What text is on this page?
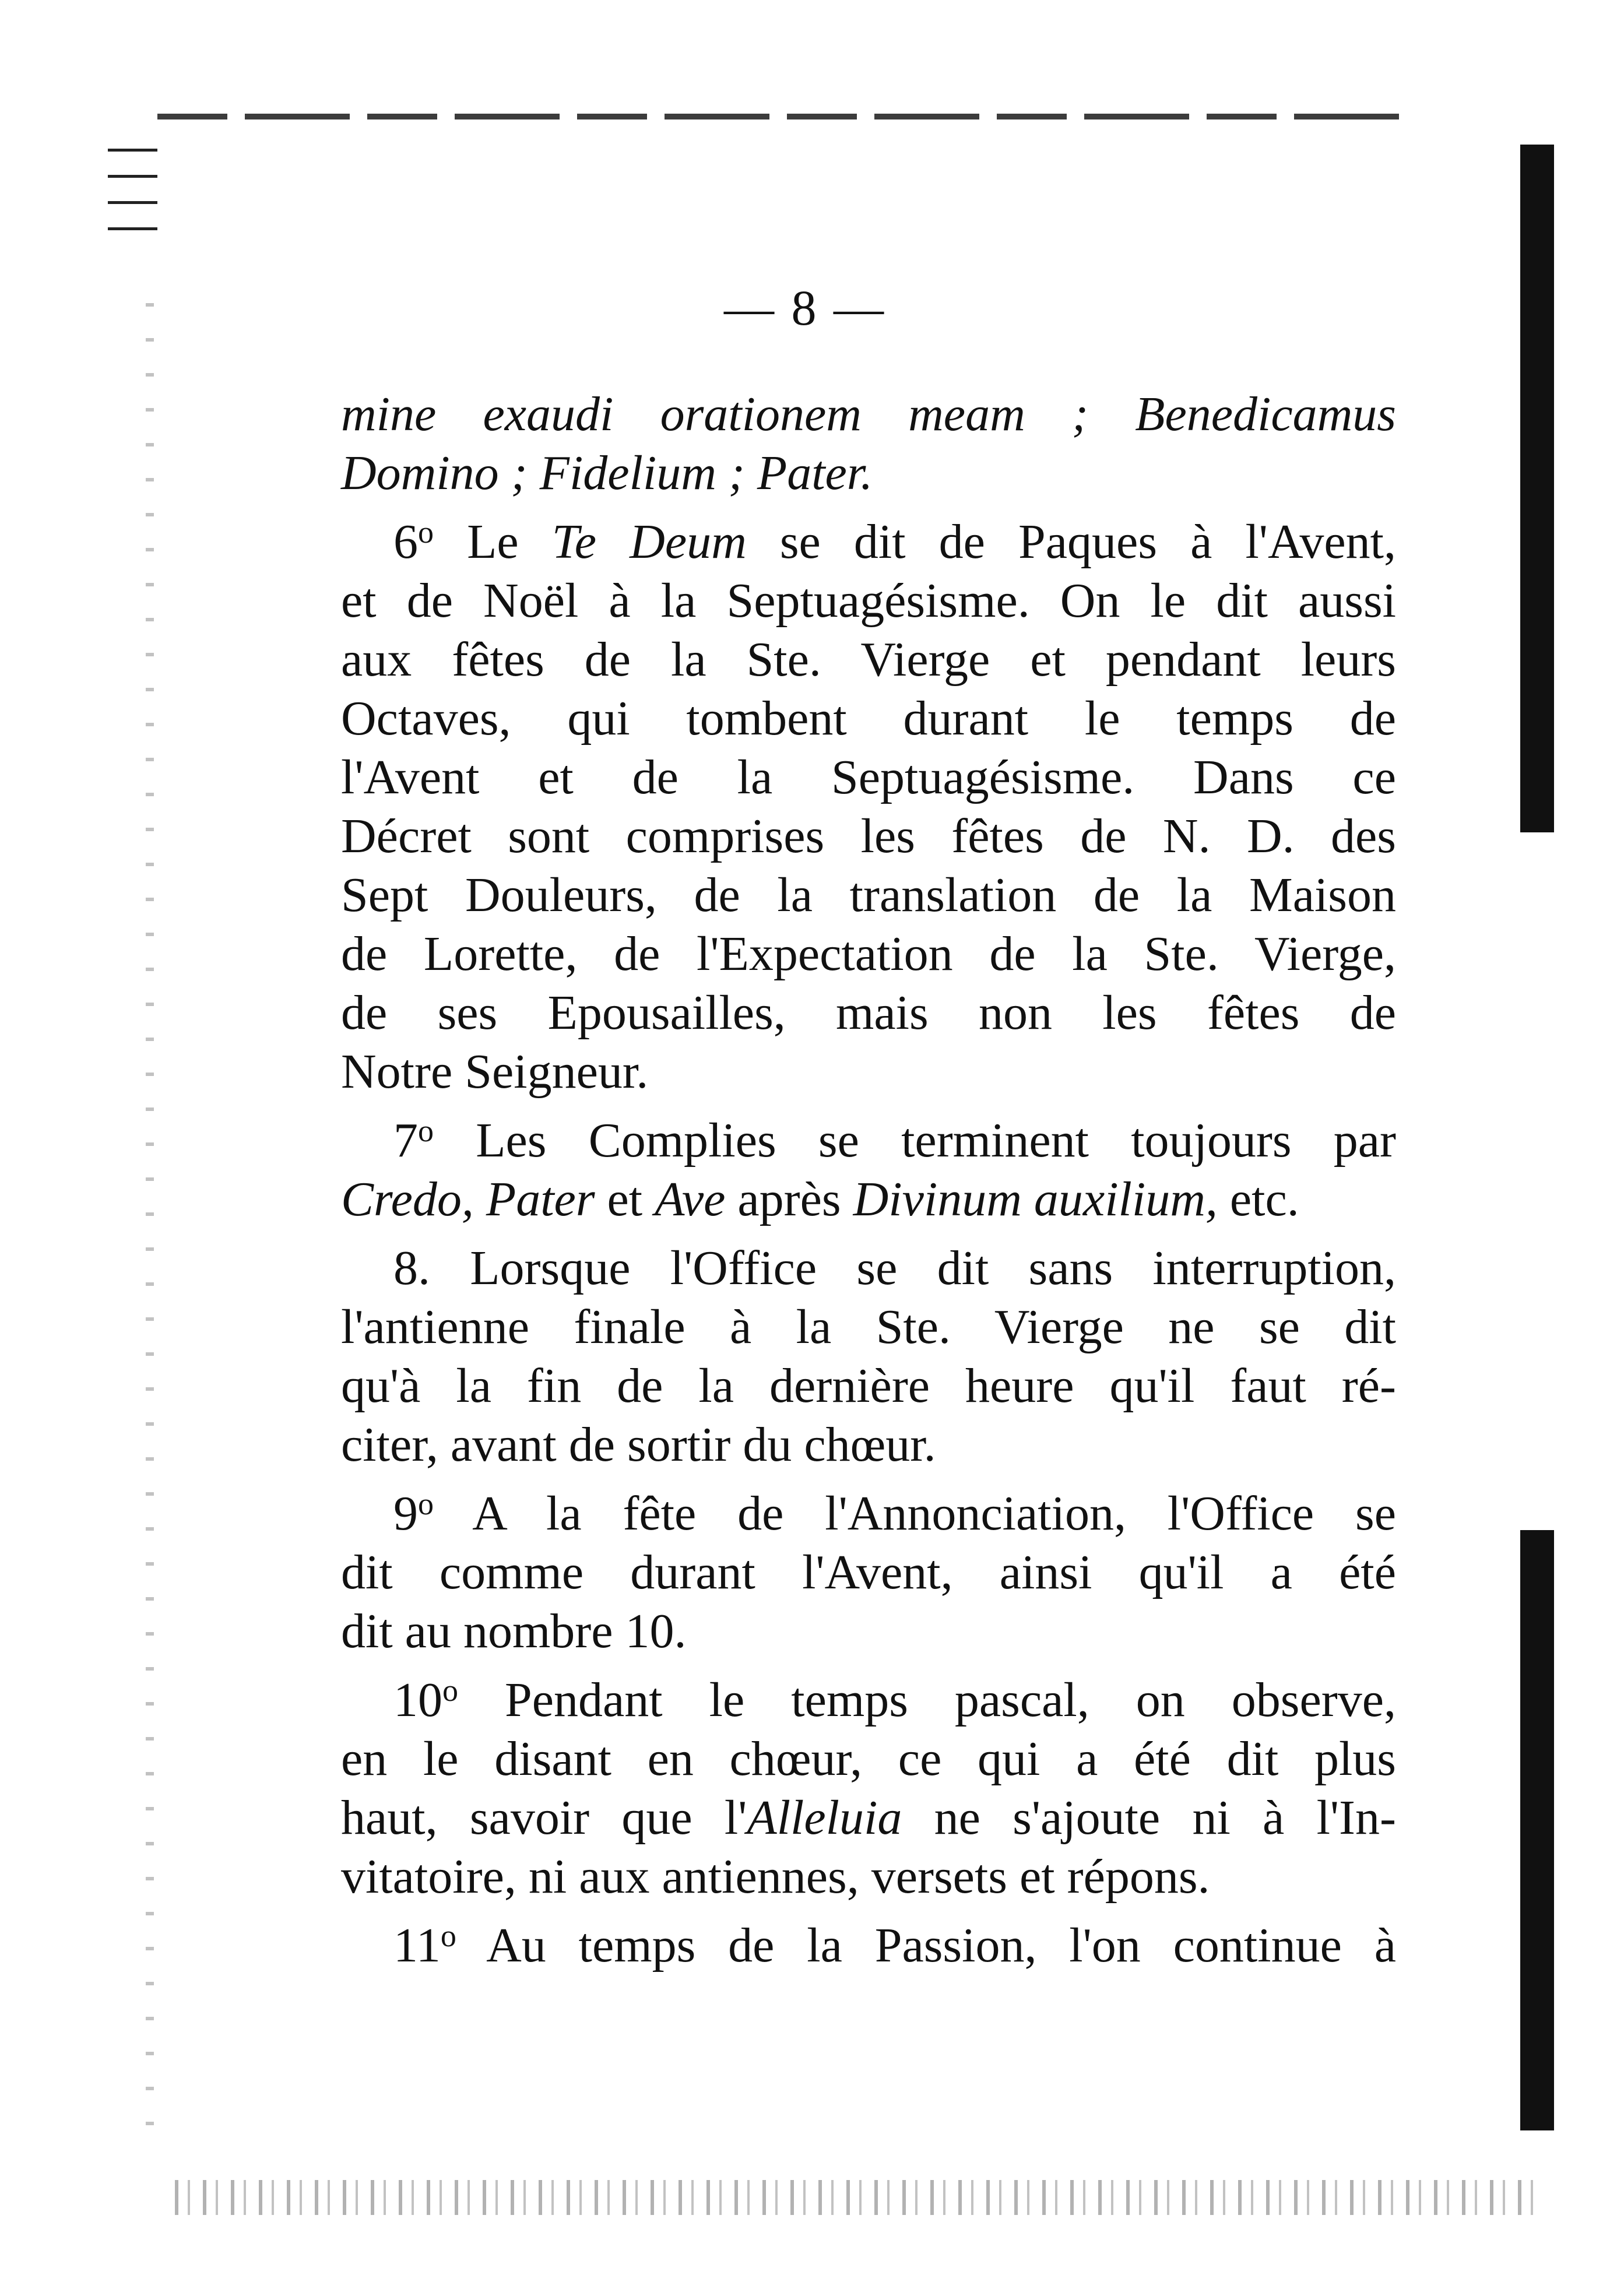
— 8 —
mine exaudi orationem meam ; Benedicamus
Domino ; Fidelium ; Pater.
6$^o$ Le Te Deum se dit de Paques à l'Avent,
et de Noël à la Septuagésisme. On le dit aussi
aux fêtes de la Ste. Vierge et pendant leurs
Octaves, qui tombent durant le temps de
l'Avent et de la Septuagésisme. Dans ce
Décret sont comprises les fêtes de N. D. des
Sept Douleurs, de la translation de la Maison
de Lorette, de l'Expectation de la Ste. Vierge,
de ses Epousailles, mais non les fêtes de
Notre Seigneur.
7$^o$ Les Complies se terminent toujours par
Credo, Pater et Ave après Divinum auxilium, etc.
8. Lorsque l'Office se dit sans interruption,
l'antienne finale à la Ste. Vierge ne se dit
qu'à la fin de la dernière heure qu'il faut ré-
citer, avant de sortir du chœur.
9$^o$ A la fête de l'Annonciation, l'Office se
dit comme durant l'Avent, ainsi qu'il a été
dit au nombre 10.
10$^o$ Pendant le temps pascal, on observe,
en le disant en chœur, ce qui a été dit plus
haut, savoir que l'Alleluia ne s'ajoute ni à l'In-
vitatoire, ni aux antiennes, versets et répons.
11$^o$ Au temps de la Passion, l'on continue à
